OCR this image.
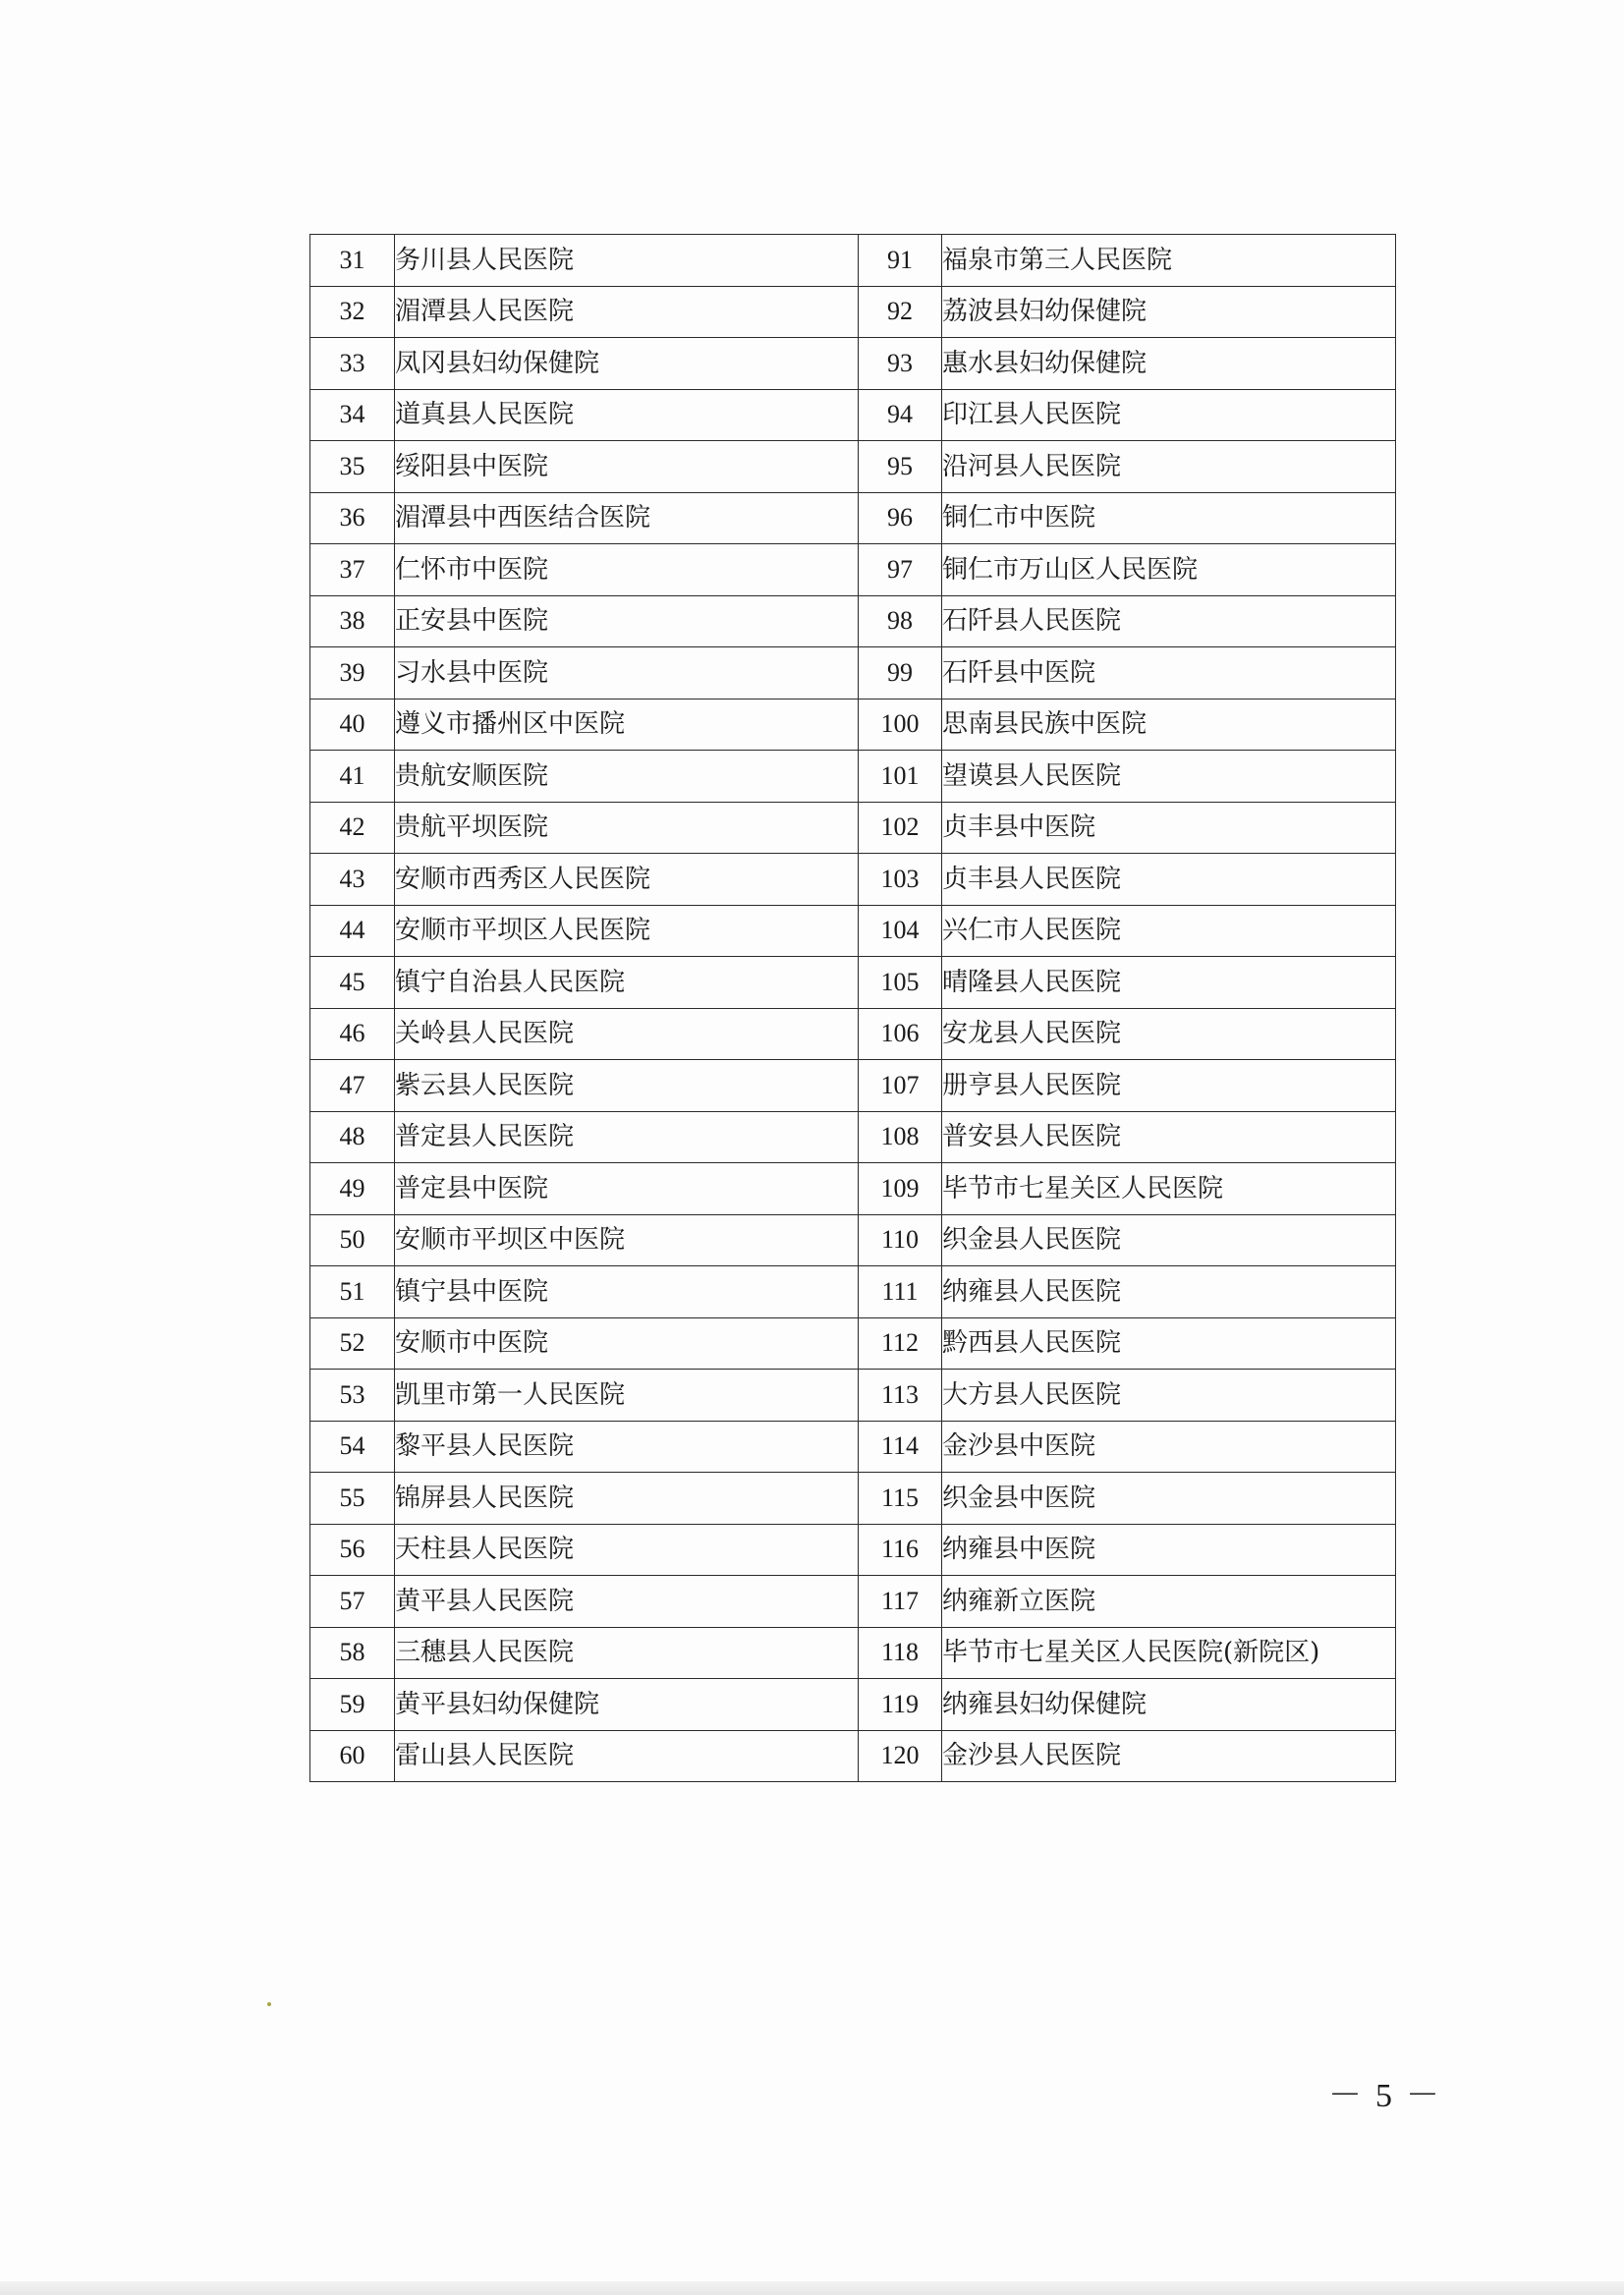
31	务川县人民医院	91	福泉市第三人民医院
32	湄潭县人民医院	92	荔波县妇幼保健院
33	凤冈县妇幼保健院	93	惠水县妇幼保健院
34	道真县人民医院	94	印江县人民医院
35	绥阳县中医院	95	沿河县人民医院
36	湄潭县中西医结合医院	96	铜仁市中医院
37	仁怀市中医院	97	铜仁市万山区人民医院
38	正安县中医院	98	石阡县人民医院
39	习水县中医院	99	石阡县中医院
40	遵义市播州区中医院	100	思南县民族中医院
41	贵航安顺医院	101	望谟县人民医院
42	贵航平坝医院	102	贞丰县中医院
43	安顺市西秀区人民医院	103	贞丰县人民医院
44	安顺市平坝区人民医院	104	兴仁市人民医院
45	镇宁自治县人民医院	105	晴隆县人民医院
46	关岭县人民医院	106	安龙县人民医院
47	紫云县人民医院	107	册亨县人民医院
48	普定县人民医院	108	普安县人民医院
49	普定县中医院	109	毕节市七星关区人民医院
50	安顺市平坝区中医院	110	织金县人民医院
51	镇宁县中医院	111	纳雍县人民医院
52	安顺市中医院	112	黔西县人民医院
53	凯里市第一人民医院	113	大方县人民医院
54	黎平县人民医院	114	金沙县中医院
55	锦屏县人民医院	115	织金县中医院
56	天柱县人民医院	116	纳雍县中医院
57	黄平县人民医院	117	纳雍新立医院
58	三穗县人民医院	118	毕节市七星关区人民医院(新院区)
59	黄平县妇幼保健院	119	纳雍县妇幼保健院
60	雷山县人民医院	120	金沙县人民医院
－5－
